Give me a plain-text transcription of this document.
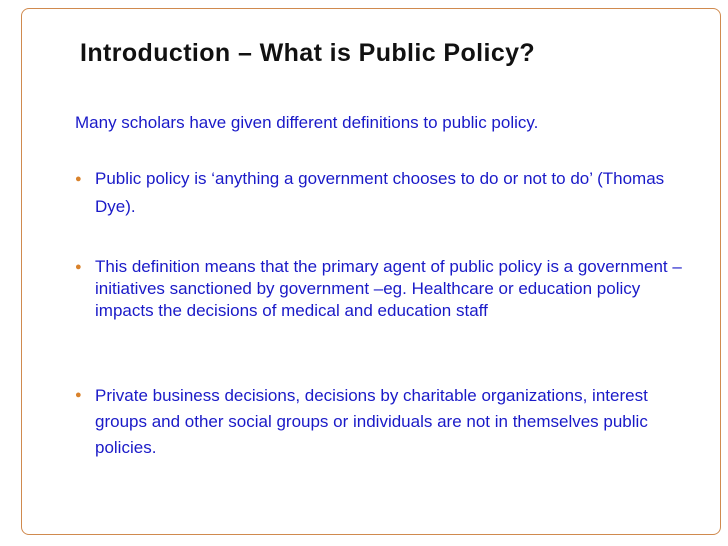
Introduction – What is Public Policy?

Many scholars have given different definitions to public policy.

● Public policy is ‘anything a government chooses to do or not to do’ (Thomas Dye).

● This definition means that the primary agent of public policy is a government – initiatives sanctioned by government –eg. Healthcare or education policy impacts the decisions of medical and education staff

● Private business decisions, decisions by charitable organizations, interest groups and other social groups or individuals are not in themselves public policies.
